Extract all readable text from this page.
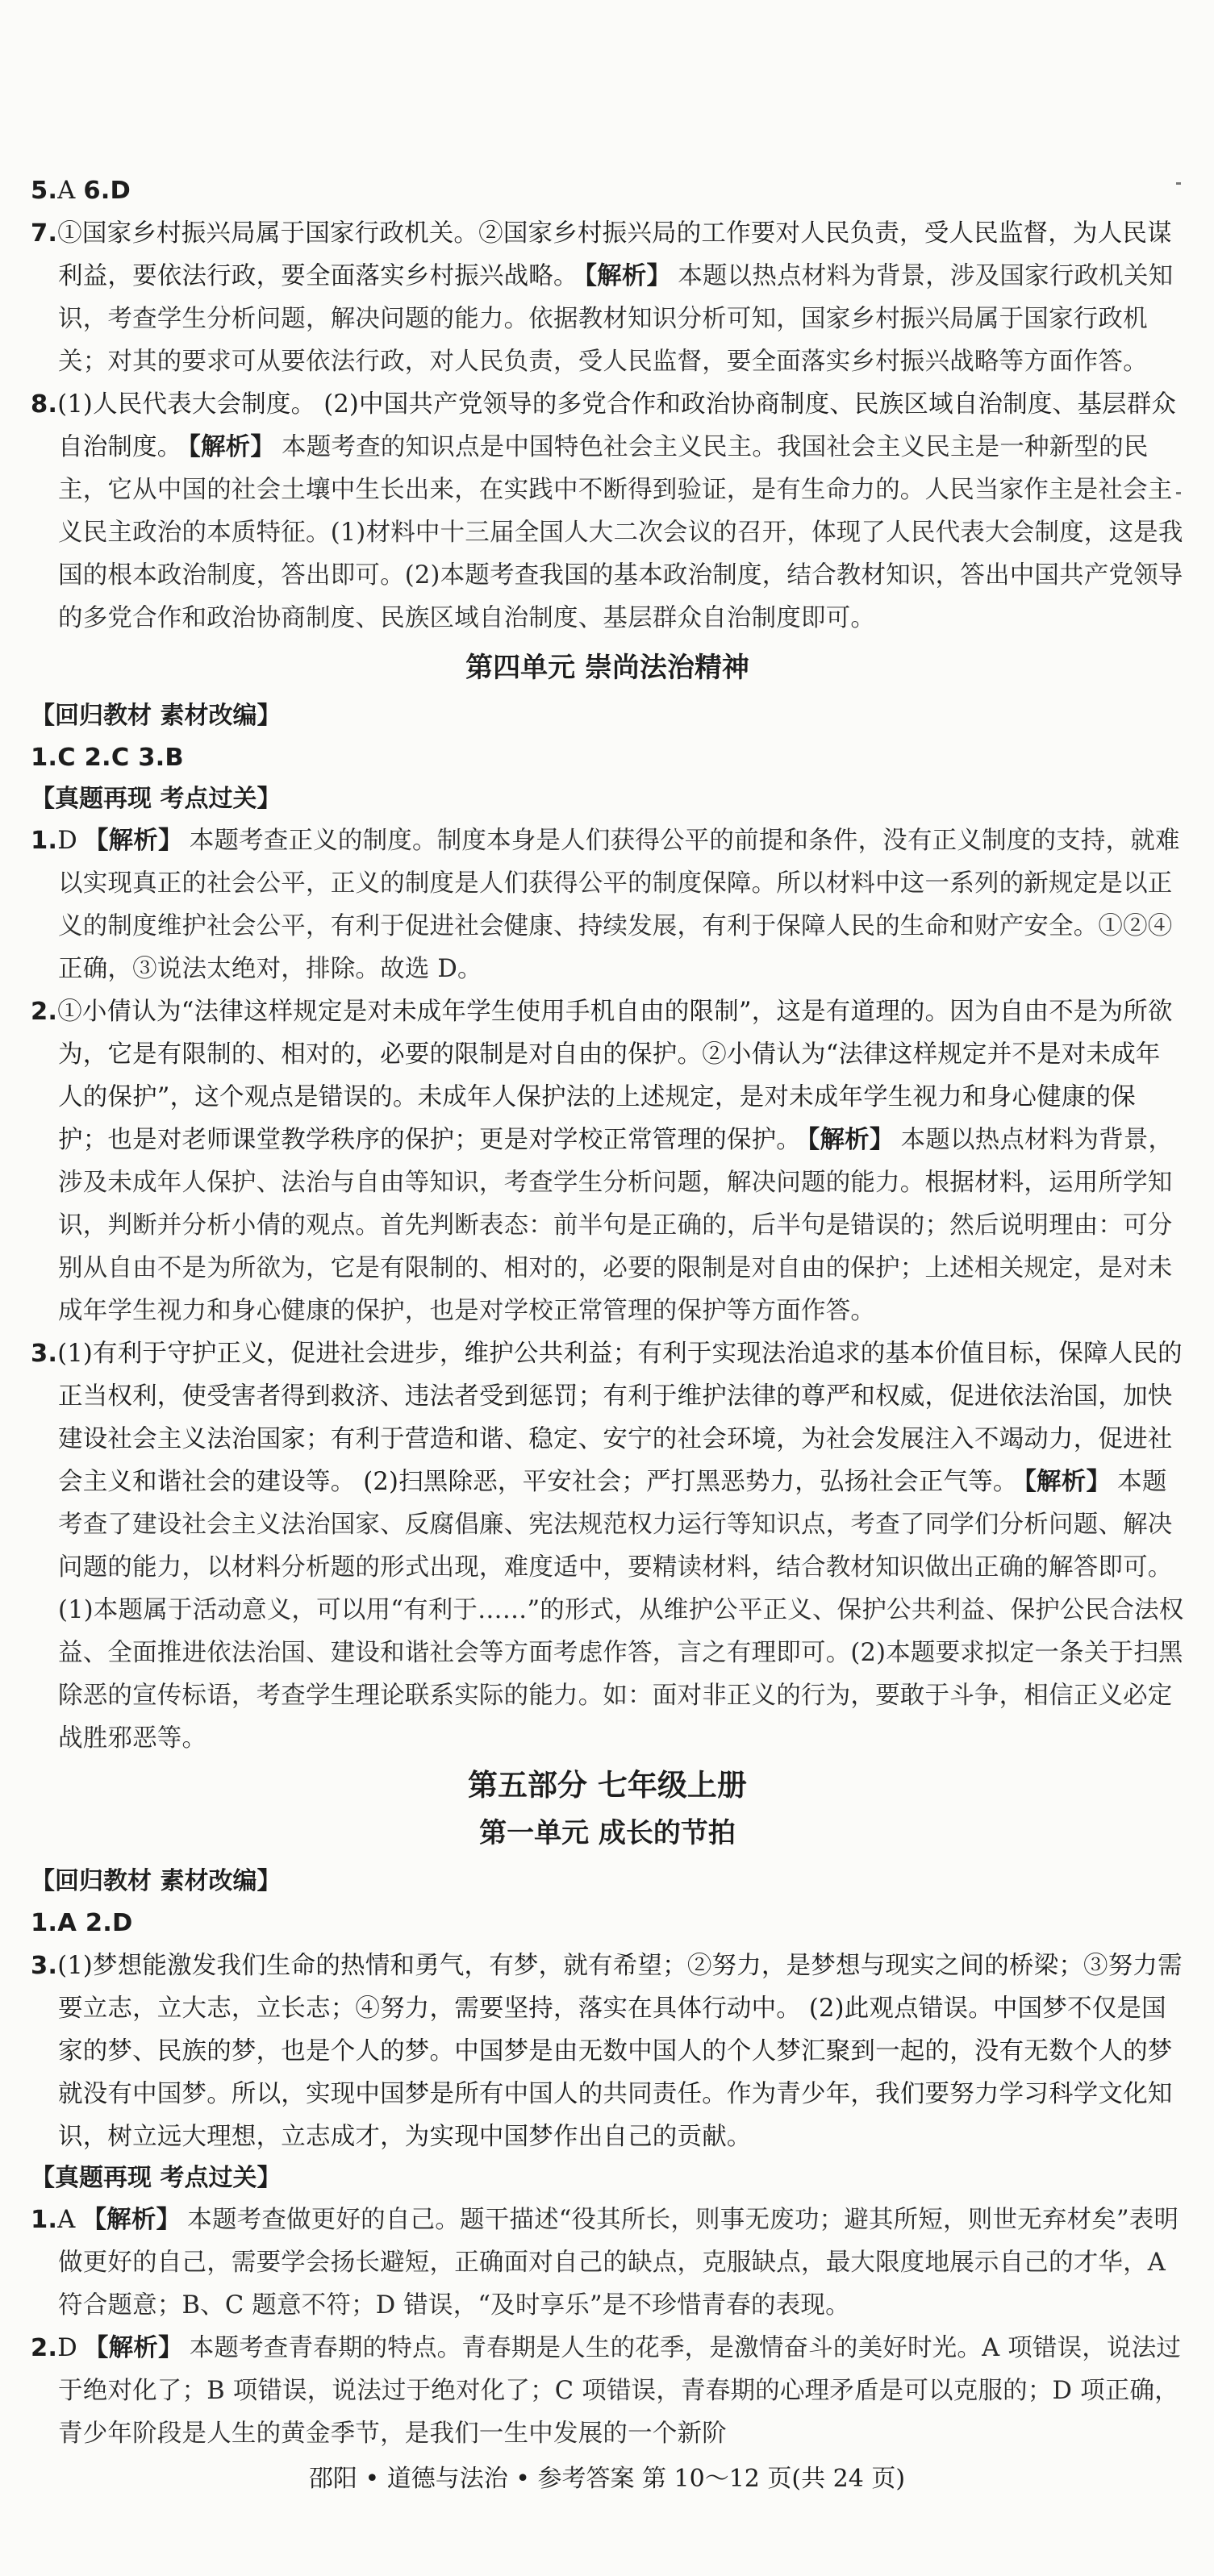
5.A 6.D

7.①国家乡村振兴局属于国家行政机关。②国家乡村振兴局的工作要对人民负责，受人民监督，为人民谋利益，要依法行政，要全面落实乡村振兴战略。 【解析】 本题以热点材料为背景，涉及国家行政机关知识，考查学生分析问题，解决问题的能力。依据教材知识分析可知，国家乡村振兴局属于国家行政机关；对其的要求可从要依法行政，对人民负责，受人民监督，要全面落实乡村振兴战略等方面作答。

8.(1)人民代表大会制度。 (2)中国共产党领导的多党合作和政治协商制度、民族区域自治制度、基层群众自治制度。 【解析】 本题考查的知识点是中国特色社会主义民主。我国社会主义民主是一种新型的民主，它从中国的社会土壤中生长出来，在实践中不断得到验证，是有生命力的。人民当家作主是社会主义民主政治的本质特征。(1)材料中十三届全国人大二次会议的召开，体现了人民代表大会制度，这是我国的根本政治制度，答出即可。(2)本题考查我国的基本政治制度，结合教材知识，答出中国共产党领导的多党合作和政治协商制度、民族区域自治制度、基层群众自治制度即可。

第四单元 崇尚法治精神
【回归教材 素材改编】

1.C 2.C 3.B

【真题再现 考点过关】

1.D 【解析】 本题考查正义的制度。制度本身是人们获得公平的前提和条件，没有正义制度的支持，就难以实现真正的社会公平，正义的制度是人们获得公平的制度保障。所以材料中这一系列的新规定是以正义的制度维护社会公平，有利于促进社会健康、持续发展，有利于保障人民的生命和财产安全。①②④正确，③说法太绝对，排除。故选 D。

2.①小倩认为“法律这样规定是对未成年学生使用手机自由的限制”，这是有道理的。因为自由不是为所欲为，它是有限制的、相对的，必要的限制是对自由的保护。②小倩认为“法律这样规定并不是对未成年人的保护”，这个观点是错误的。未成年人保护法的上述规定，是对未成年学生视力和身心健康的保护；也是对老师课堂教学秩序的保护；更是对学校正常管理的保护。 【解析】 本题以热点材料为背景，涉及未成年人保护、法治与自由等知识，考查学生分析问题，解决问题的能力。根据材料，运用所学知识，判断并分析小倩的观点。首先判断表态：前半句是正确的，后半句是错误的；然后说明理由：可分别从自由不是为所欲为，它是有限制的、相对的，必要的限制是对自由的保护；上述相关规定，是对未成年学生视力和身心健康的保护，也是对学校正常管理的保护等方面作答。

3.(1)有利于守护正义，促进社会进步，维护公共利益；有利于实现法治追求的基本价值目标，保障人民的正当权利，使受害者得到救济、违法者受到惩罚；有利于维护法律的尊严和权威，促进依法治国，加快建设社会主义法治国家；有利于营造和谐、稳定、安宁的社会环境，为社会发展注入不竭动力，促进社会主义和谐社会的建设等。 (2)扫黑除恶，平安社会；严打黑恶势力，弘扬社会正气等。 【解析】 本题考查了建设社会主义法治国家、反腐倡廉、宪法规范权力运行等知识点，考查了同学们分析问题、解决问题的能力，以材料分析题的形式出现，难度适中，要精读材料，结合教材知识做出正确的解答即可。(1)本题属于活动意义，可以用“有利于……”的形式，从维护公平正义、保护公共利益、保护公民合法权益、全面推进依法治国、建设和谐社会等方面考虑作答，言之有理即可。(2)本题要求拟定一条关于扫黑除恶的宣传标语，考查学生理论联系实际的能力。如：面对非正义的行为，要敢于斗争，相信正义必定战胜邪恶等。

第五部分 七年级上册
第一单元 成长的节拍
【回归教材 素材改编】

1.A 2.D

3.(1)梦想能激发我们生命的热情和勇气，有梦，就有希望；②努力，是梦想与现实之间的桥梁；③努力需要立志，立大志，立长志；④努力，需要坚持，落实在具体行动中。 (2)此观点错误。中国梦不仅是国家的梦、民族的梦，也是个人的梦。中国梦是由无数中国人的个人梦汇聚到一起的，没有无数个人的梦就没有中国梦。所以，实现中国梦是所有中国人的共同责任。作为青少年，我们要努力学习科学文化知识，树立远大理想，立志成才，为实现中国梦作出自己的贡献。

【真题再现 考点过关】

1.A 【解析】 本题考查做更好的自己。题干描述“役其所长，则事无废功；避其所短，则世无弃材矣”表明做更好的自己，需要学会扬长避短，正确面对自己的缺点，克服缺点，最大限度地展示自己的才华，A 符合题意；B、C 题意不符；D 错误，“及时享乐”是不珍惜青春的表现。

2.D 【解析】 本题考查青春期的特点。青春期是人生的花季，是激情奋斗的美好时光。A 项错误，说法过于绝对化了；B 项错误，说法过于绝对化了；C 项错误，青春期的心理矛盾是可以克服的；D 项正确，青少年阶段是人生的黄金季节，是我们一生中发展的一个新阶

邵阳 • 道德与法治 • 参考答案 第 10～12 页(共 24 页)
